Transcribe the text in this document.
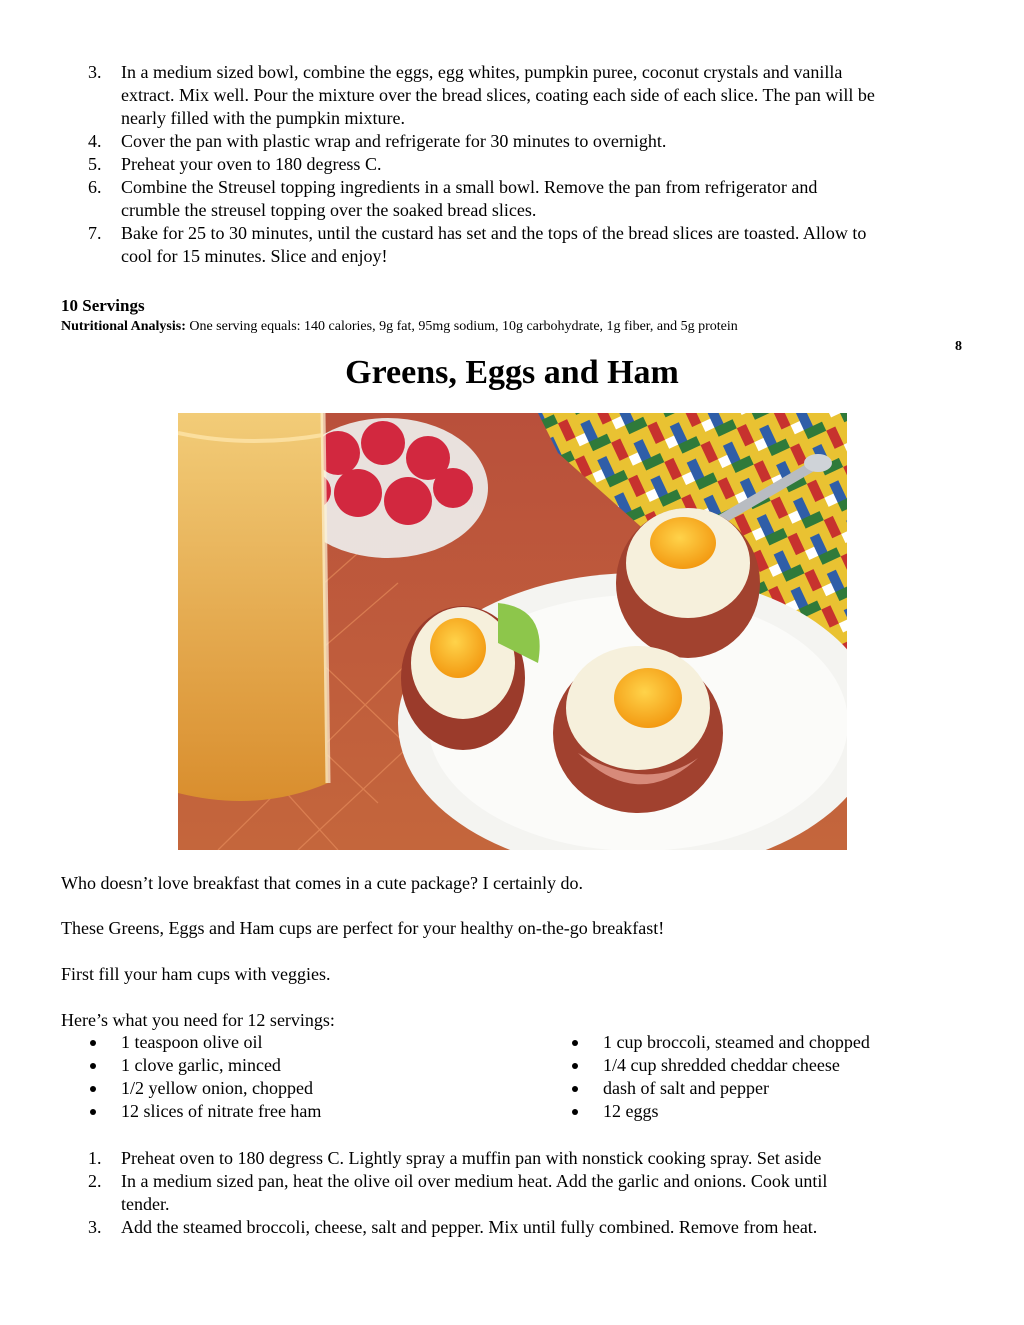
3.	In a medium sized bowl, combine the eggs, egg whites, pumpkin puree, coconut crystals and vanilla
extract. Mix well. Pour the mixture over the bread slices, coating each side of each slice. The pan will be
nearly filled with the pumpkin mixture.
4.	Cover the pan with plastic wrap and refrigerate for 30 minutes to overnight.
5.	Preheat your oven to 180 degress C.
6.	Combine the Streusel topping ingredients in a small bowl. Remove the pan from refrigerator and
crumble the streusel topping over the soaked bread slices.
7.	Bake for 25 to 30 minutes, until the custard has set and the tops of the bread slices are toasted. Allow to
cool for 15 minutes. Slice and enjoy!
10 Servings
Nutritional Analysis: One serving equals: 140 calories, 9g fat, 95mg sodium, 10g carbohydrate, 1g fiber, and 5g protein
8
Greens, Eggs and Ham
Who doesn’t love breakfast that comes in a cute package? I certainly do.
These Greens, Eggs and Ham cups are perfect for your healthy on-the-go breakfast!
First fill your ham cups with veggies.
Here’s what you need for 12 servings:
1 teaspoon olive oil
1 clove garlic, minced
1/2 yellow onion, chopped
12 slices of nitrate free ham
1 cup broccoli, steamed and chopped
1/4 cup shredded cheddar cheese
dash of salt and pepper
12 eggs
1.	Preheat oven to 180 degress C. Lightly spray a muffin pan with nonstick cooking spray. Set aside
2.	In a medium sized pan, heat the olive oil over medium heat. Add the garlic and onions. Cook until
tender.
3.	Add the steamed broccoli, cheese, salt and pepper. Mix until fully combined. Remove from heat.
